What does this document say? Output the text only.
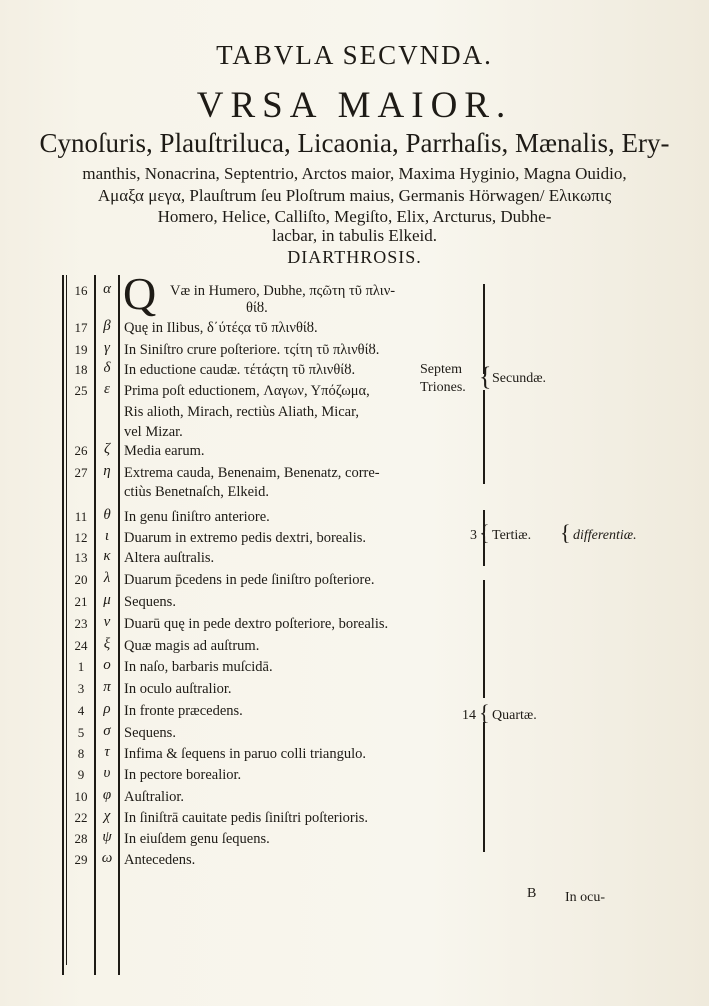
TABVLA SECVNDA.
VRSA MAIOR.
Cynoſuris, Plauſtriluca, Licaonia, Parrhaſis, Mænalis, Ery-
manthis, Nonacrina, Septentrio, Arctos maior, Maxima Hyginio, Magna Ouidio,
Αμαξα μεγα, Plauſtrum ſeu Ploſtrum maius, Germanis Hörwagen/ Ελικωπις
Homero, Helice, Calliſto, Megiſto, Elix, Arcturus, Dubhe-
lacbar, in tabulis Elkeid.
DIARTHROSIS.
16	α	Væ in Humero, Dubhe, πςῶτη τῦ πλιν-
θίȣ.
17	β Quę in Ilibus, δ΄ύτέςα τῦ πλινθίȣ.
19	γ In Siniſtro crure poſteriore. τςίτη τῦ πλινθίȣ.
18	δ In eductione caudæ. τέτάςτη τῦ πλινθίȣ.
25	ε Prima poſt eductionem, Λαγων, Υπόζωμα,
Ris alioth, Mirach, rectiùs Aliath, Micar,
vel Mizar.
26	ζ Media earum.
27	η Extrema cauda, Benenaim, Benenatz, corre-
ctiùs Benetnaſch, Elkeid.
11	θ In genu ſiniſtro anteriore.
12	ι	Duarum in extremo pedis dextri, borealis.
13	κ Altera auſtralis.
20	λ Duarum p̄cedens in pede ſiniſtro poſteriore.
21	μ Sequens.
23	ν Duarū quę in pede dextro poſteriore, borealis.
24	ξ Quæ magis ad auſtrum.
1	ο In naſo, barbaris muſcidā.
3	π In oculo auſtralior.
4	ρ In fronte præcedens.
5	σ Sequens.
8	τ Infima & ſequens in paruo colli triangulo.
9	υ In pectore borealior.
10	φ Auſtralior.
22	χ In ſiniſtrā cauitate pedis ſiniſtri poſterioris.
28 ψ In eiuſdem genu ſequens.
29 ω Antecedens.
Q
Septem
Triones. { Secundæ.
3 { Tertiæ. { differentiæ.
14 { Quartæ.
B In ocu-
